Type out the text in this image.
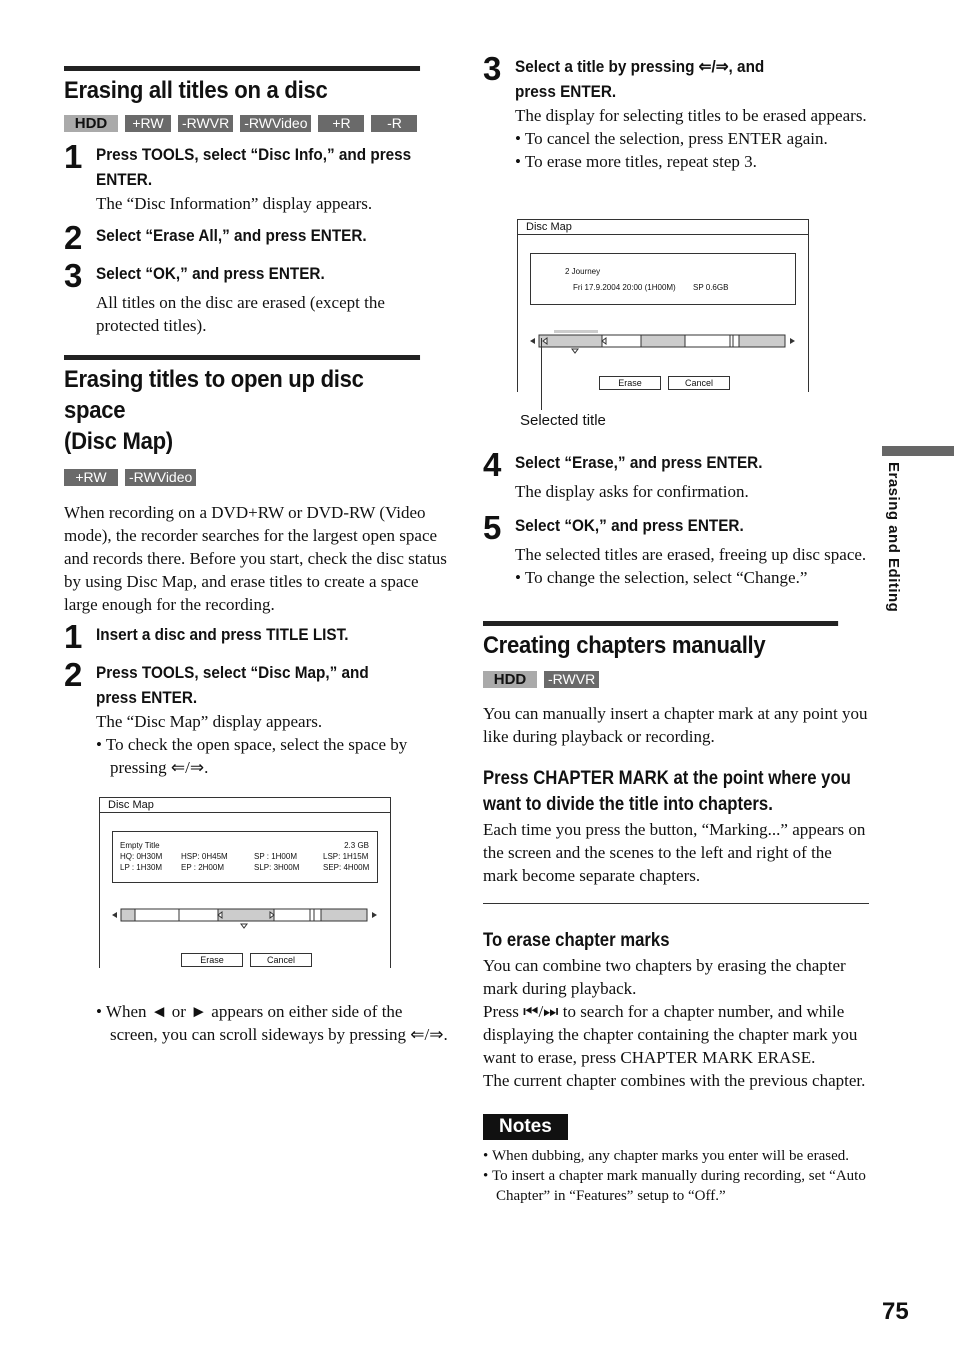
Erasing all titles on a disc
HDD	+RW	-RWVR -RWVideo	+R	-R
1 Press TOOLS, select “Disc Info,” and press
ENTER.
The “Disc Information” display appears.
2 Select “Erase All,” and press ENTER.
3 Select “OK,” and press ENTER.
All titles on the disc are erased (except the protected titles).
Erasing titles to open up disc space
(Disc Map)
+RW	-RWVideo
When recording on a DVD+RW or DVD-RW (Video mode), the recorder searches for the largest open space and records there. Before you start, check the disc status by using Disc Map, and erase titles to create a space large enough for the recording.
1 Insert a disc and press TITLE LIST.
2 Press TOOLS, select “Disc Map,” and
press ENTER.
The “Disc Map” display appears.
• To check the open space, select the space by pressing ⇐/⇒.
Disc Map
Empty Title	2.3 GB
HQ: 0H30M HSP: 0H45M	SP : 1H00M	LSP: 1H15M
LP : 1H30M EP : 2H00M	SLP: 3H00M	SEP: 4H00M
Erase	Cancel
• When ◄ or ► appears on either side of the screen, you can scroll sideways by pressing ⇐/⇒.
3 Select a title by pressing ⇐/⇒, and
press ENTER.
The display for selecting titles to be erased appears.
• To cancel the selection, press ENTER again.
• To erase more titles, repeat step 3.
Disc Map
2 Journey
Fri 17.9.2004 20:00 (1H00M) SP 0.6GB
Erase	Cancel
Selected title
4 Select “Erase,” and press ENTER.
The display asks for confirmation.
5 Select “OK,” and press ENTER.
The selected titles are erased, freeing up disc space.
• To change the selection, select “Change.”
Creating chapters manually
HDD	-RWVR
You can manually insert a chapter mark at any point you like during playback or recording.
Press CHAPTER MARK at the point where you
want to divide the title into chapters.
Each time you press the button, “Marking...” appears on the screen and the scenes to the left and right of the mark become separate chapters.
To erase chapter marks
You can combine two chapters by erasing the chapter mark during playback.
Press ⏮/⏭ to search for a chapter number, and while displaying the chapter containing the chapter mark you want to erase, press CHAPTER MARK ERASE.
The current chapter combines with the previous chapter.
Notes
• When dubbing, any chapter marks you enter will be erased.
• To insert a chapter mark manually during recording, set “Auto Chapter” in “Features” setup to “Off.”
Erasing and Editing
75
